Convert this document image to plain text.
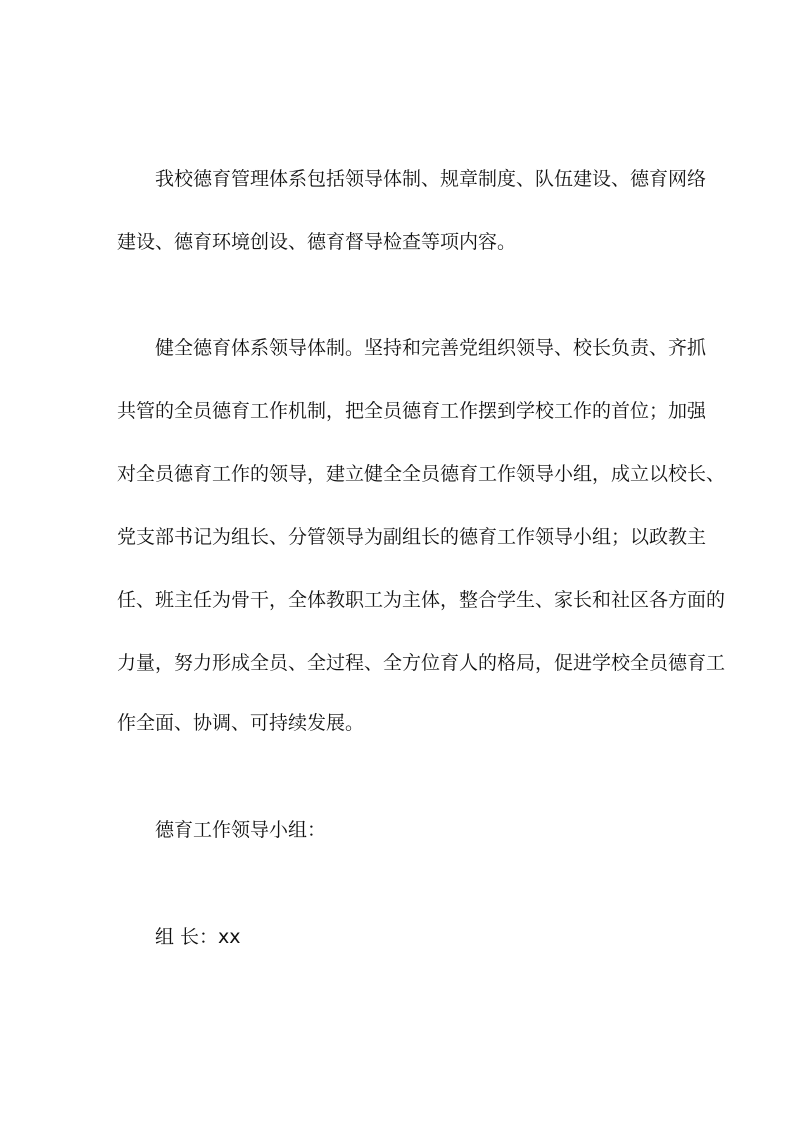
我校德育管理体系包括领导体制、规章制度、队伍建设、德育网络
建设、德育环境创设、德育督导检查等项内容。
健全德育体系领导体制。坚持和完善党组织领导、校长负责、齐抓
共管的全员德育工作机制，把全员德育工作摆到学校工作的首位；加强
对全员德育工作的领导，建立健全全员德育工作领导小组，成立以校长、
党支部书记为组长、分管领导为副组长的德育工作领导小组；以政教主
任、班主任为骨干，全体教职工为主体，整合学生、家长和社区各方面的
力量，努力形成全员、全过程、全方位育人的格局，促进学校全员德育工
作全面、协调、可持续发展。
德育工作领导小组：
组 长：xx
